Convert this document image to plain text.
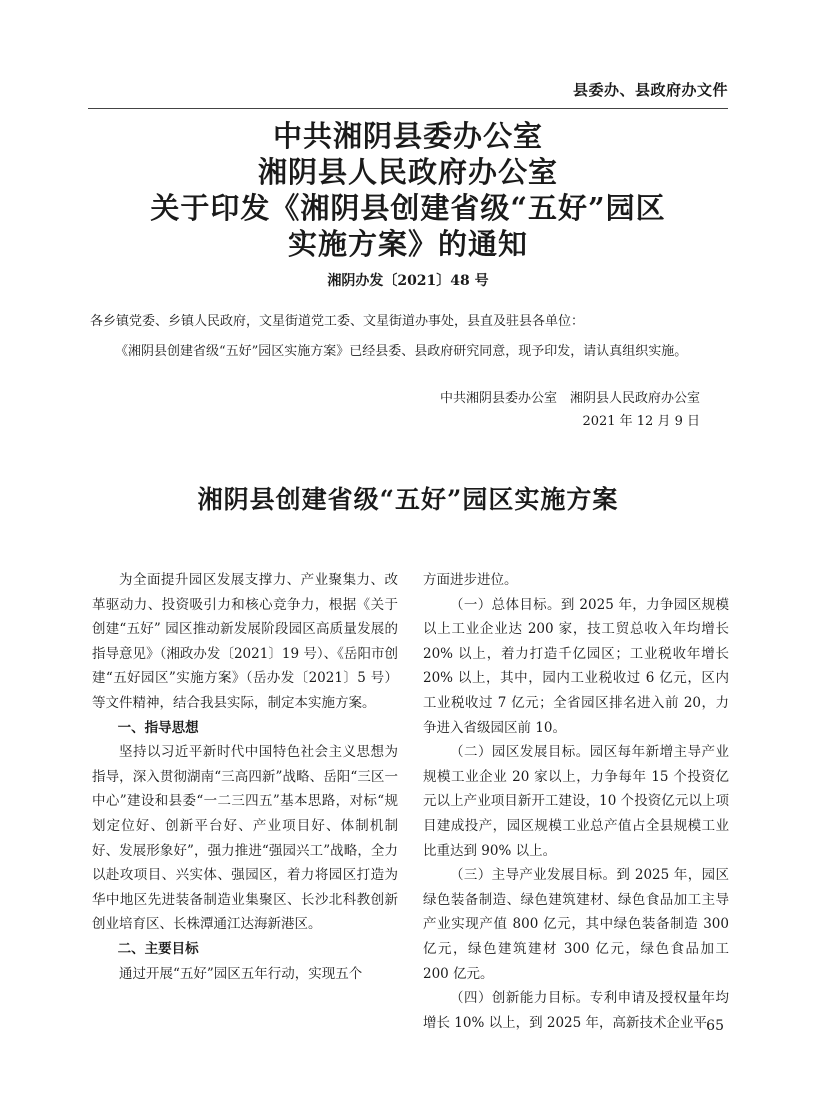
县委办、县政府办文件
中共湘阴县委办公室
湘阴县人民政府办公室
关于印发《湘阴县创建省级“五好”园区
实施方案》的通知
湘阴办发〔2021〕48 号
各乡镇党委、乡镇人民政府，文星街道党工委、文星街道办事处，县直及驻县各单位：
《湘阴县创建省级“五好”园区实施方案》已经县委、县政府研究同意，现予印发，请认真组织实施。
中共湘阴县委办公室　湘阴县人民政府办公室
2021 年 12 月 9 日
湘阴县创建省级“五好”园区实施方案

为全面提升园区发展支撑力、产业聚集力、改革驱动力、投资吸引力和核心竞争力，根据《关于创建“五好” 园区推动新发展阶段园区高质量发展的指导意见》（湘政办发〔2021〕19 号）、《岳阳市创建“五好园区”实施方案》（岳办发〔2021〕5 号）等文件精神，结合我县实际，制定本实施方案。

一、指导思想

坚持以习近平新时代中国特色社会主义思想为指导，深入贯彻湖南“三高四新”战略、岳阳“三区一中心”建设和县委“一二三四五”基本思路，对标“规划定位好、创新平台好、产业项目好、体制机制好、发展形象好”，强力推进“强园兴工”战略，全力以赴攻项目、兴实体、强园区，着力将园区打造为华中地区先进装备制造业集聚区、长沙北科教创新创业培育区、长株潭通江达海新港区。

二、主要目标

通过开展“五好”园区五年行动，实现五个

方面进步进位。

（一）总体目标。到 2025 年，力争园区规模以上工业企业达 200 家，技工贸总收入年均增长 20% 以上，着力打造千亿园区；工业税收年增长 20% 以上，其中，园内工业税收过 6 亿元，区内工业税收过 7 亿元；全省园区排名进入前 20，力争进入省级园区前 10。

（二）园区发展目标。园区每年新增主导产业规模工业企业 20 家以上，力争每年 15 个投资亿元以上产业项目新开工建设，10 个投资亿元以上项目建成投产，园区规模工业总产值占全县规模工业比重达到 90% 以上。

（三）主导产业发展目标。到 2025 年，园区绿色装备制造、绿色建筑建材、绿色食品加工主导产业实现产值 800 亿元，其中绿色装备制造 300 亿元，绿色建筑建材 300 亿元，绿色食品加工 200 亿元。

（四）创新能力目标。专利申请及授权量年均增长 10% 以上，到 2025 年，高新技术企业平 65
